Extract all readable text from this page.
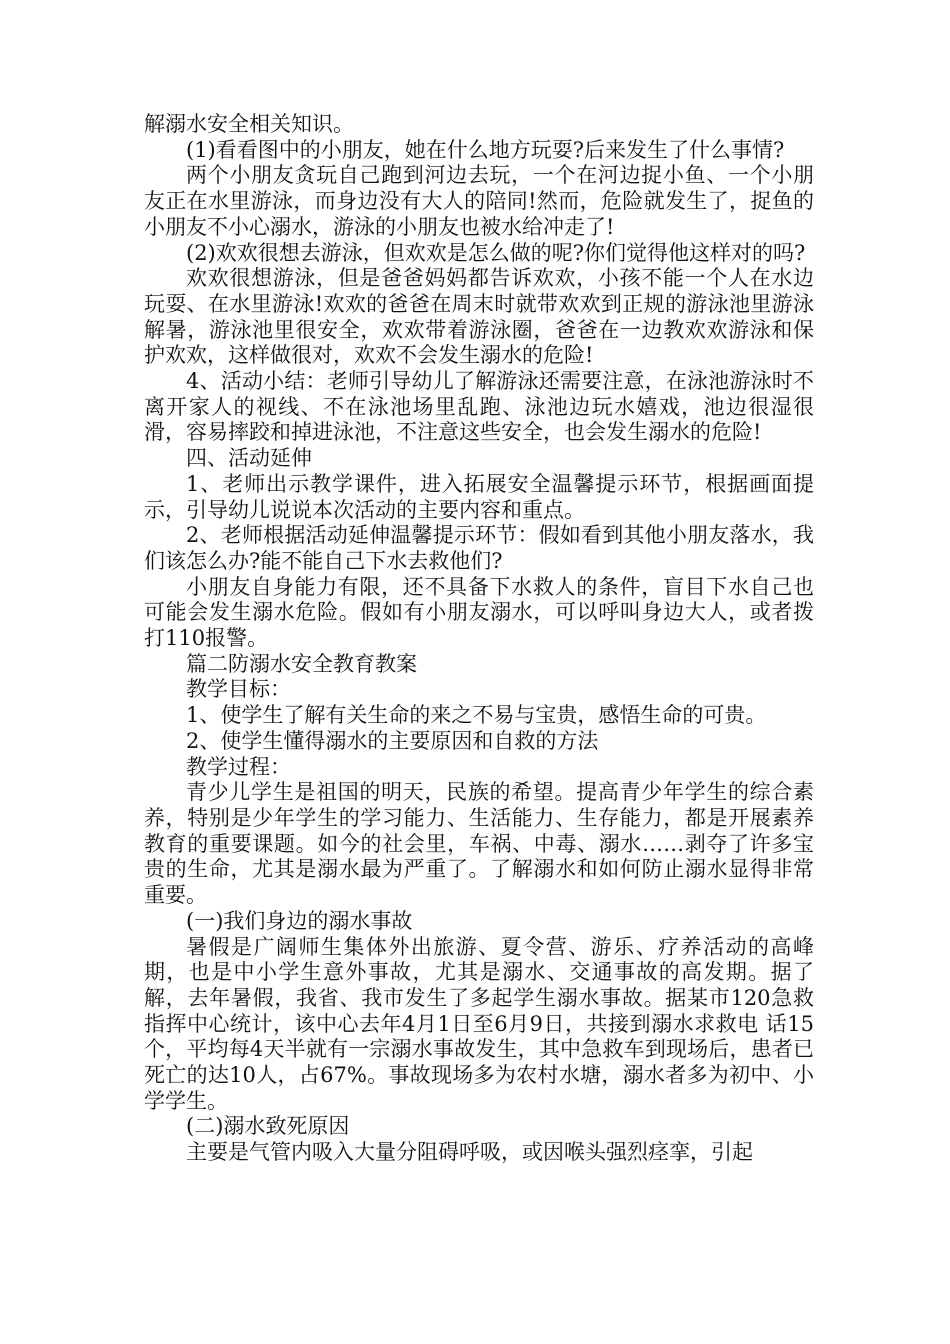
解溺水安全相关知识。

(1)看看图中的小朋友，她在什么地方玩耍?后来发生了什么事情?

两个小朋友贪玩自己跑到河边去玩，一个在河边捉小鱼、一个小朋友正在水里游泳，而身边没有大人的陪同!然而，危险就发生了，捉鱼的小朋友不小心溺水，游泳的小朋友也被水给冲走了!

(2)欢欢很想去游泳，但欢欢是怎么做的呢?你们觉得他这样对的吗?

欢欢很想游泳，但是爸爸妈妈都告诉欢欢，小孩不能一个人在水边玩耍、在水里游泳!欢欢的爸爸在周末时就带欢欢到正规的游泳池里游泳解暑，游泳池里很安全，欢欢带着游泳圈，爸爸在一边教欢欢游泳和保护欢欢，这样做很对，欢欢不会发生溺水的危险!

4、活动小结：老师引导幼儿了解游泳还需要注意，在泳池游泳时不离开家人的视线、不在泳池场里乱跑、泳池边玩水嬉戏，池边很湿很滑，容易摔跤和掉进泳池，不注意这些安全，也会发生溺水的危险!

四、活动延伸

1、老师出示教学课件，进入拓展安全温馨提示环节，根据画面提示，引导幼儿说说本次活动的主要内容和重点。

2、老师根据活动延伸温馨提示环节：假如看到其他小朋友落水，我们该怎么办?能不能自己下水去救他们?

小朋友自身能力有限，还不具备下水救人的条件，盲目下水自己也可能会发生溺水危险。假如有小朋友溺水，可以呼叫身边大人，或者拨打110报警。

篇二防溺水安全教育教案

教学目标：

1、使学生了解有关生命的来之不易与宝贵，感悟生命的可贵。

2、使学生懂得溺水的主要原因和自救的方法

教学过程：

青少儿学生是祖国的明天，民族的希望。提高青少年学生的综合素养，特别是少年学生的学习能力、生活能力、生存能力，都是开展素养教育的重要课题。如今的社会里，车祸、中毒、溺水……剥夺了许多宝贵的生命，尤其是溺水最为严重了。了解溺水和如何防止溺水显得非常重要。

(一)我们身边的溺水事故

暑假是广阔师生集体外出旅游、夏令营、游乐、疗养活动的高峰期，也是中小学生意外事故，尤其是溺水、交通事故的高发期。据了解，去年暑假，我省、我市发生了多起学生溺水事故。据某市120急救指挥中心统计，该中心去年4月1日至6月9日，共接到溺水求救电 话15个，平均每4天半就有一宗溺水事故发生，其中急救车到现场后，患者已死亡的达10人，占67%。事故现场多为农村水塘，溺水者多为初中、小学学生。

(二)溺水致死原因

主要是气管内吸入大量分阻碍呼吸，或因喉头强烈痉挛，引起
